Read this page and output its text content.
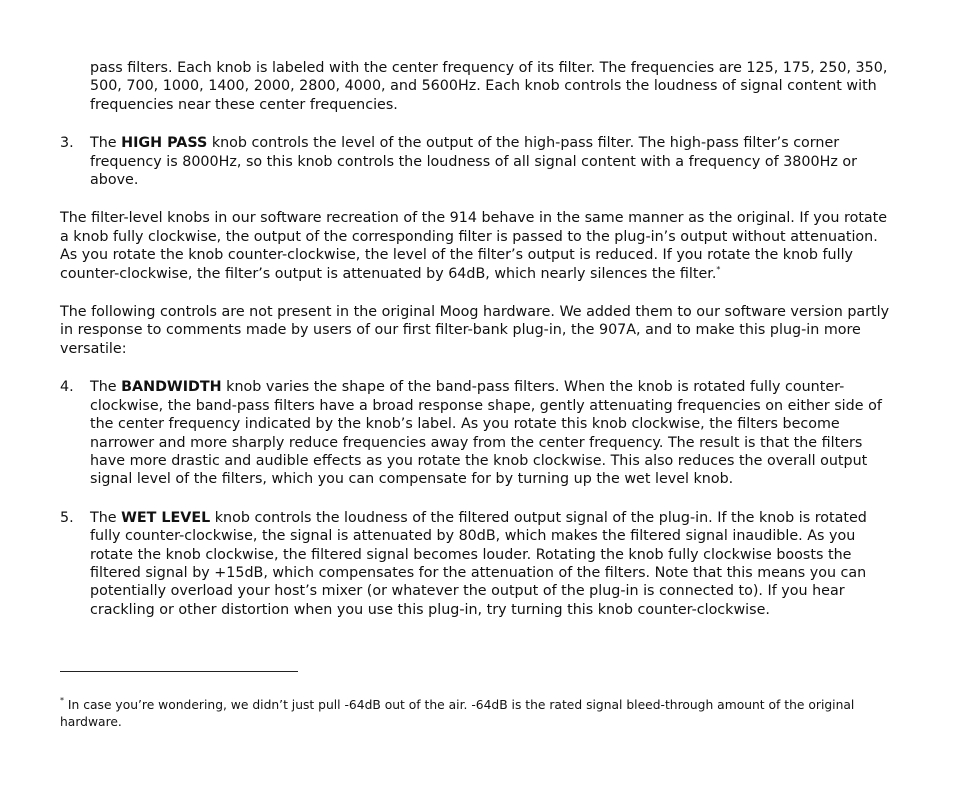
pass filters. Each knob is labeled with the center frequency of its filter. The frequencies are 125, 175, 250, 350, 500, 700, 1000, 1400, 2000, 2800, 4000, and 5600Hz. Each knob controls the loudness of signal content with frequencies near these center frequencies.
3. The HIGH PASS knob controls the level of the output of the high-pass filter. The high-pass filter’s corner frequency is 8000Hz, so this knob controls the loudness of all signal content with a frequency of 3800Hz or above.
The filter-level knobs in our software recreation of the 914 behave in the same manner as the original. If you rotate a knob fully clockwise, the output of the corresponding filter is passed to the plug-in’s output without attenuation. As you rotate the knob counter-clockwise, the level of the filter’s output is reduced. If you rotate the knob fully counter-clockwise, the filter’s output is attenuated by 64dB, which nearly silences the filter.*
The following controls are not present in the original Moog hardware. We added them to our software version partly in response to comments made by users of our first filter-bank plug-in, the 907A, and to make this plug-in more versatile:
4. The BANDWIDTH knob varies the shape of the band-pass filters. When the knob is rotated fully counter-clockwise, the band-pass filters have a broad response shape, gently attenuating frequencies on either side of the center frequency indicated by the knob’s label. As you rotate this knob clockwise, the filters become narrower and more sharply reduce frequencies away from the center frequency. The result is that the filters have more drastic and audible effects as you rotate the knob clockwise. This also reduces the overall output signal level of the filters, which you can compensate for by turning up the wet level knob.
5. The WET LEVEL knob controls the loudness of the filtered output signal of the plug-in. If the knob is rotated fully counter-clockwise, the signal is attenuated by 80dB, which makes the filtered signal inaudible. As you rotate the knob clockwise, the filtered signal becomes louder. Rotating the knob fully clockwise boosts the filtered signal by +15dB, which compensates for the attenuation of the filters. Note that this means you can potentially overload your host’s mixer (or whatever the output of the plug-in is connected to). If you hear crackling or other distortion when you use this plug-in, try turning this knob counter-clockwise.
* In case you’re wondering, we didn’t just pull -64dB out of the air. -64dB is the rated signal bleed-through amount of the original hardware.
